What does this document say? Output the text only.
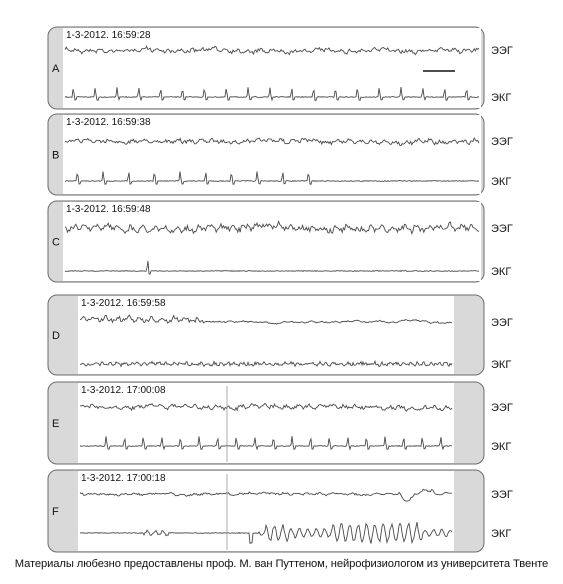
1-3-2012. 16:59:28
A
ЭЭГ
ЭКГ
1-3-2012. 16:59:38
B
ЭЭГ
ЭКГ
1-3-2012. 16:59:48
C
ЭЭГ
ЭКГ
1-3-2012. 16:59:58
D
ЭЭГ
ЭКГ
1-3-2012. 17:00:08
E
ЭЭГ
ЭКГ
1-3-2012. 17:00:18
F
ЭЭГ
ЭКГ
Материалы любезно предоставлены проф. М. ван Путтеном, нейрофизиологом из университета Твенте
